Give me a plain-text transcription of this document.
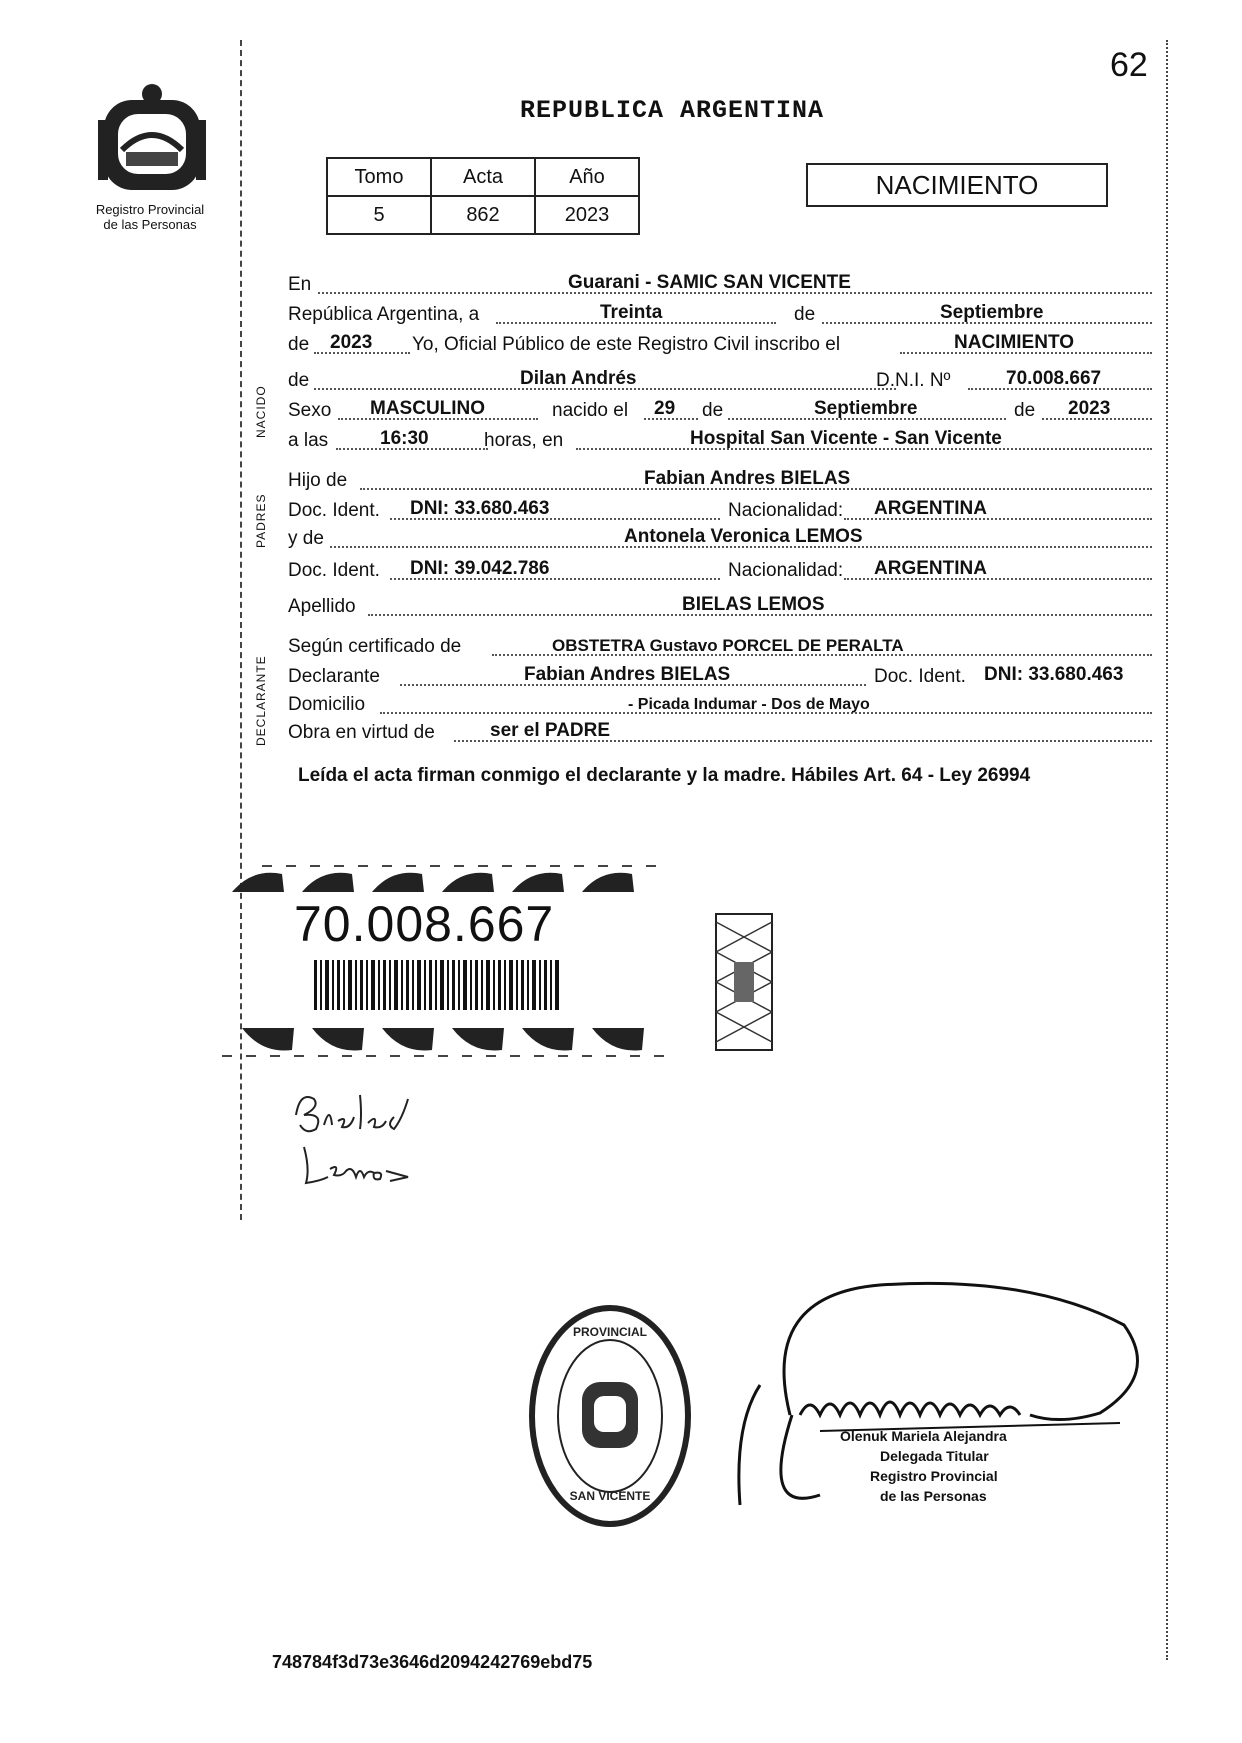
62
Registro Provincial
de las Personas
REPUBLICA ARGENTINA
Tomo	Acta	Año
5	862	2023
NACIMIENTO
NACIDO
PADRES
DECLARANTE
En	Guarani - SAMIC SAN VICENTE
República Argentina, a	Treinta	de	Septiembre
de 2023 Yo, Oficial Público de este Registro Civil inscribo el	NACIMIENTO
de	Dilan Andrés	D.N.I. Nº	70.008.667
Sexo MASCULINO	nacido el 29 de	Septiembre	de 2023
a las	16:30	horas, en	Hospital San Vicente - San Vicente
Hijo de	Fabian Andres BIELAS
Doc. Ident. DNI: 33.680.463	Nacionalidad: ARGENTINA
y de	Antonela Veronica LEMOS
Doc. Ident. DNI: 39.042.786	Nacionalidad: ARGENTINA
Apellido	BIELAS LEMOS
Según certificado de	OBSTETRA Gustavo PORCEL DE PERALTA
Declarante	Fabian Andres BIELAS	Doc. Ident. DNI: 33.680.463
Domicilio	- Picada Indumar - Dos de Mayo
Obra en virtud de	ser el PADRE
Leída el acta firman conmigo el declarante y la madre. Hábiles Art. 64 - Ley 26994
70.008.667
PROVINCIAL
SAN VICENTE
Olenuk Mariela Alejandra
Delegada Titular
Registro Provincial
de las Personas
748784f3d73e3646d2094242769ebd75
